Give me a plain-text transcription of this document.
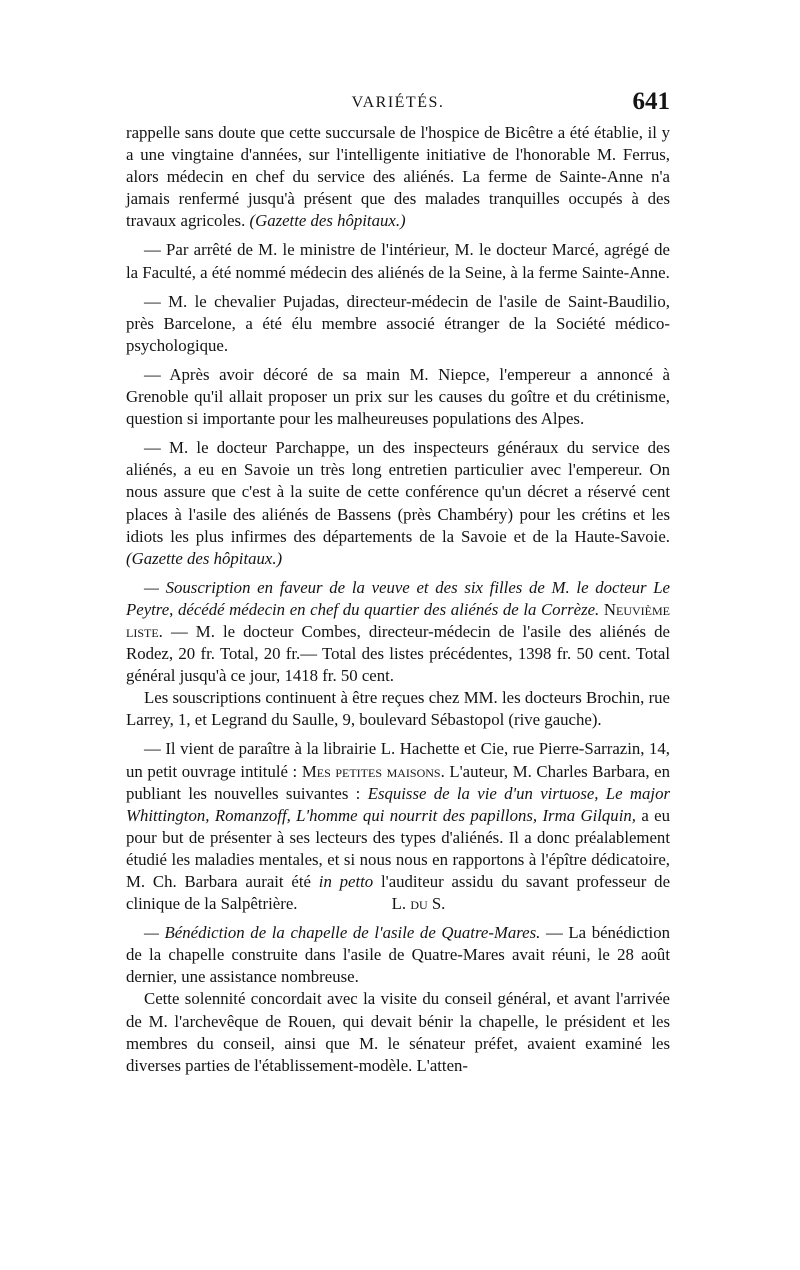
VARIÉTÉS.	641

rappelle sans doute que cette succursale de l'hospice de Bicêtre a été établie, il y a une vingtaine d'années, sur l'intelligente initiative de l'honorable M. Ferrus, alors médecin en chef du service des aliénés. La ferme de Sainte-Anne n'a jamais renfermé jusqu'à présent que des malades tranquilles occupés à des travaux agricoles. (Gazette des hôpitaux.)

— Par arrêté de M. le ministre de l'intérieur, M. le docteur Marcé, agrégé de la Faculté, a été nommé médecin des aliénés de la Seine, à la ferme Sainte-Anne.

— M. le chevalier Pujadas, directeur-médecin de l'asile de Saint-Baudilio, près Barcelone, a été élu membre associé étranger de la Société médico-psychologique.

— Après avoir décoré de sa main M. Niepce, l'empereur a annoncé à Grenoble qu'il allait proposer un prix sur les causes du goître et du crétinisme, question si importante pour les malheureuses populations des Alpes.

— M. le docteur Parchappe, un des inspecteurs généraux du service des aliénés, a eu en Savoie un très long entretien particulier avec l'empereur. On nous assure que c'est à la suite de cette conférence qu'un décret a réservé cent places à l'asile des aliénés de Bassens (près Chambéry) pour les crétins et les idiots les plus infirmes des départements de la Savoie et de la Haute-Savoie. (Gazette des hôpitaux.)

— Souscription en faveur de la veuve et des six filles de M. le docteur Le Peytre, décédé médecin en chef du quartier des aliénés de la Corrèze. Neuvième liste. — M. le docteur Combes, directeur-médecin de l'asile des aliénés de Rodez, 20 fr. Total, 20 fr.— Total des listes précédentes, 1398 fr. 50 cent. Total général jusqu'à ce jour, 1418 fr. 50 cent.

Les souscriptions continuent à être reçues chez MM. les docteurs Brochin, rue Larrey, 1, et Legrand du Saulle, 9, boulevard Sébastopol (rive gauche).

— Il vient de paraître à la librairie L. Hachette et Cie, rue Pierre-Sarrazin, 14, un petit ouvrage intitulé : Mes petites maisons. L'auteur, M. Charles Barbara, en publiant les nouvelles suivantes : Esquisse de la vie d'un virtuose, Le major Whittington, Romanzoff, L'homme qui nourrit des papillons, Irma Gilquin, a eu pour but de présenter à ses lecteurs des types d'aliénés. Il a donc préalablement étudié les maladies mentales, et si nous nous en rapportons à l'épître dédicatoire, M. Ch. Barbara aurait été in petto l'auditeur assidu du savant professeur de clinique de la Salpêtrière.	L. du S.

— Bénédiction de la chapelle de l'asile de Quatre-Mares. — La bénédiction de la chapelle construite dans l'asile de Quatre-Mares avait réuni, le 28 août dernier, une assistance nombreuse.

Cette solennité concordait avec la visite du conseil général, et avant l'arrivée de M. l'archevêque de Rouen, qui devait bénir la chapelle, le président et les membres du conseil, ainsi que M. le sénateur préfet, avaient examiné les diverses parties de l'établissement-modèle. L'atten-
